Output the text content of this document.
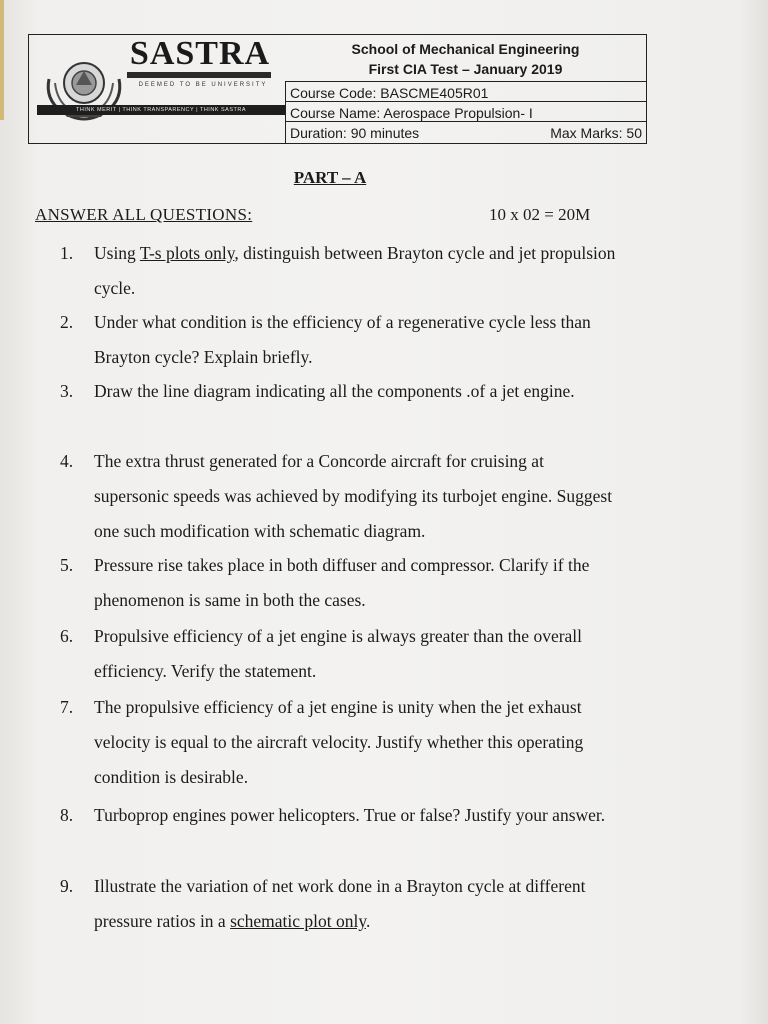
SASTRA
DEEMED TO BE UNIVERSITY
THINK MERIT | THINK TRANSPARENCY | THINK SASTRA
School of Mechanical Engineering
First CIA Test – January 2019
Course Code: BASCME405R01
Course Name: Aerospace Propulsion- I
Duration: 90 minutes	Max Marks: 50
PART – A
ANSWER ALL QUESTIONS:	10 x 02 = 20M
1.	Using T-s plots only, distinguish between Brayton cycle and jet propulsion cycle.
2.	Under what condition is the efficiency of a regenerative cycle less than Brayton cycle? Explain briefly.
3.	Draw the line diagram indicating all the components .of a jet engine.
4.	The extra thrust generated for a Concorde aircraft for cruising at supersonic speeds was achieved by modifying its turbojet engine. Suggest one such modification with schematic diagram.
5.	Pressure rise takes place in both diffuser and compressor. Clarify if the phenomenon is same in both the cases.
6.	Propulsive efficiency of a jet engine is always greater than the overall efficiency. Verify the statement.
7.	The propulsive efficiency of a jet engine is unity when the jet exhaust velocity is equal to the aircraft velocity. Justify whether this operating condition is desirable.
8.	Turboprop engines power helicopters. True or false? Justify your answer.
9.	Illustrate the variation of net work done in a Brayton cycle at different pressure ratios in a schematic plot only.
